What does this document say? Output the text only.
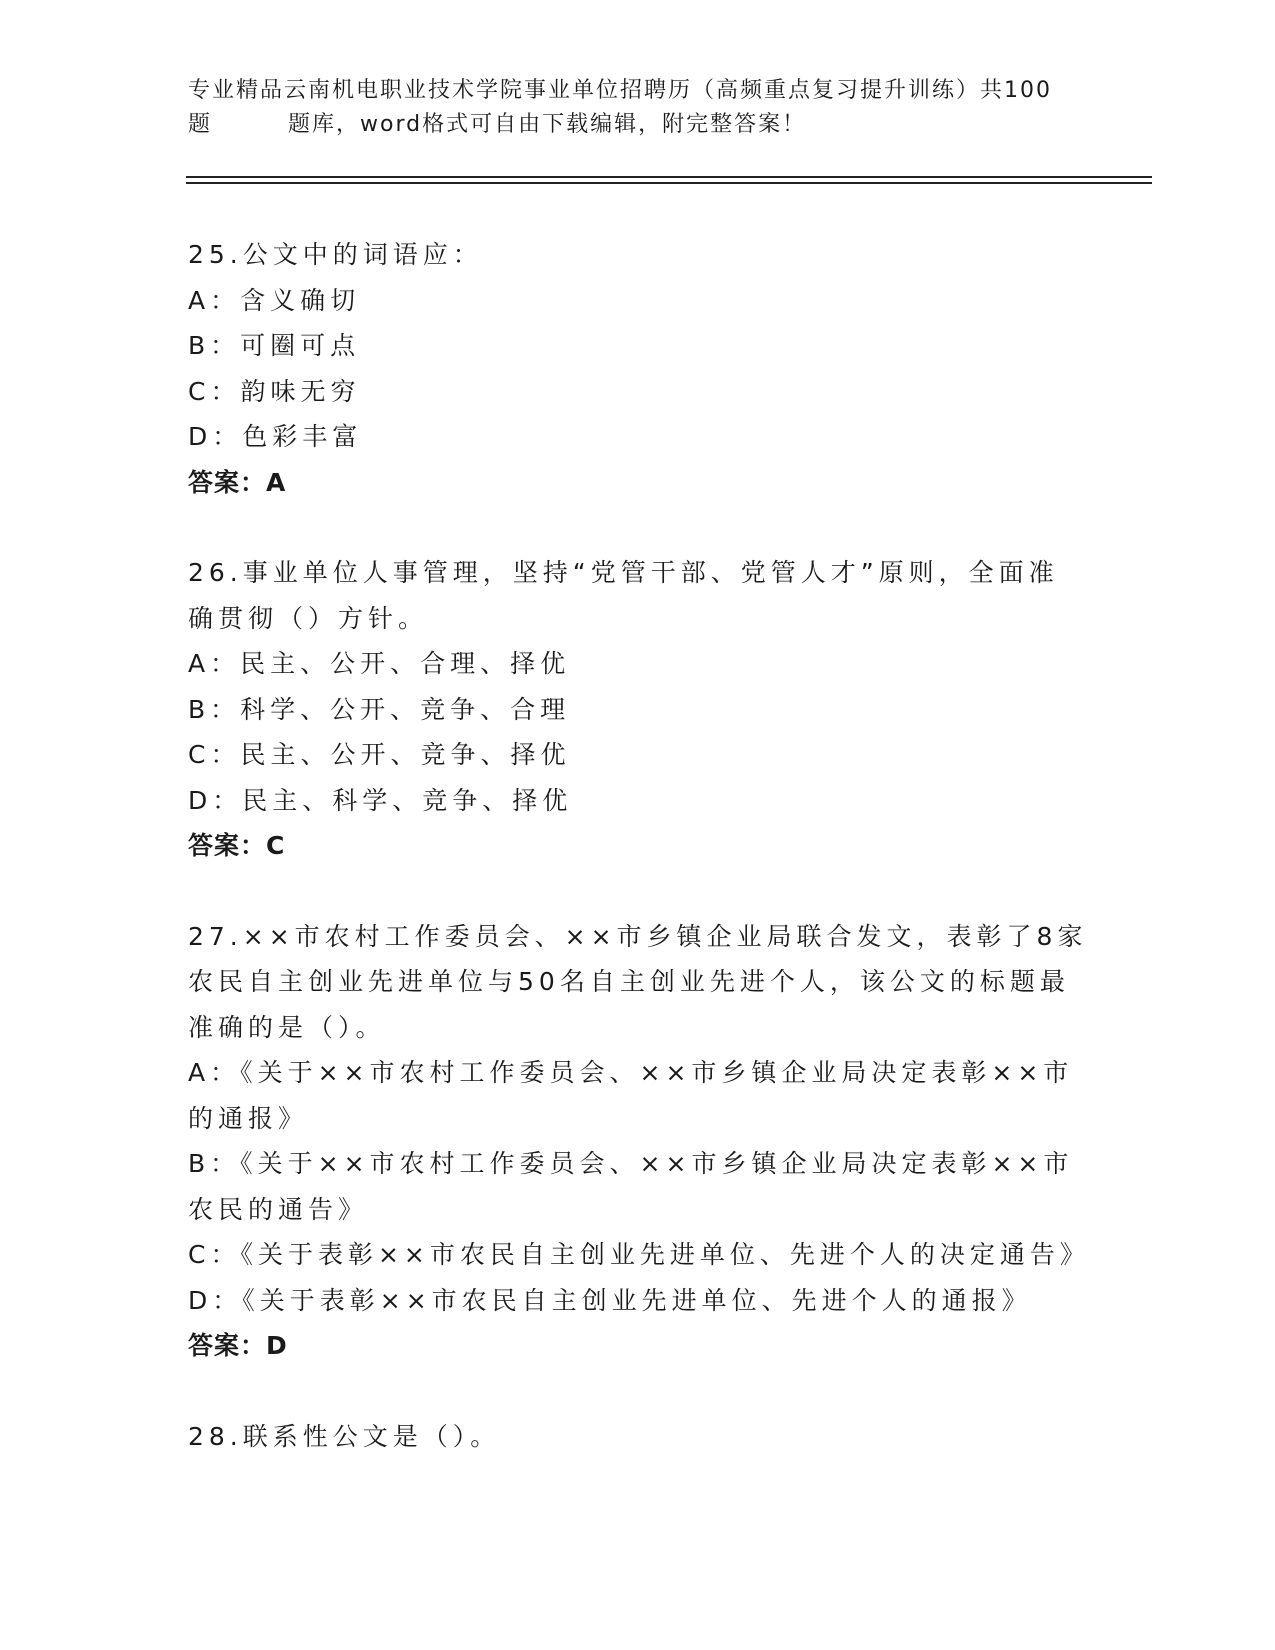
专业精品云南机电职业技术学院事业单位招聘历（高频重点复习提升训练）共100
题	题库，word格式可自由下载编辑，附完整答案！
25.公文中的词语应：
A：含义确切
B：可圈可点
C：韵味无穷
D：色彩丰富
答案：A
26.事业单位人事管理，坚持“党管干部、党管人才”原则，全面准确贯彻（）方针。
A：民主、公开、合理、择优
B：科学、公开、竞争、合理
C：民主、公开、竞争、择优
D：民主、科学、竞争、择优
答案：C
27.××市农村工作委员会、××市乡镇企业局联合发文，表彰了8家农民自主创业先进单位与50名自主创业先进个人，该公文的标题最准确的是（）。
A：《关于××市农村工作委员会、××市乡镇企业局决定表彰××市的通报》
B：《关于××市农村工作委员会、××市乡镇企业局决定表彰××市农民的通告》
C：《关于表彰××市农民自主创业先进单位、先进个人的决定通告》
D：《关于表彰××市农民自主创业先进单位、先进个人的通报》
答案：D
28.联系性公文是（）。
